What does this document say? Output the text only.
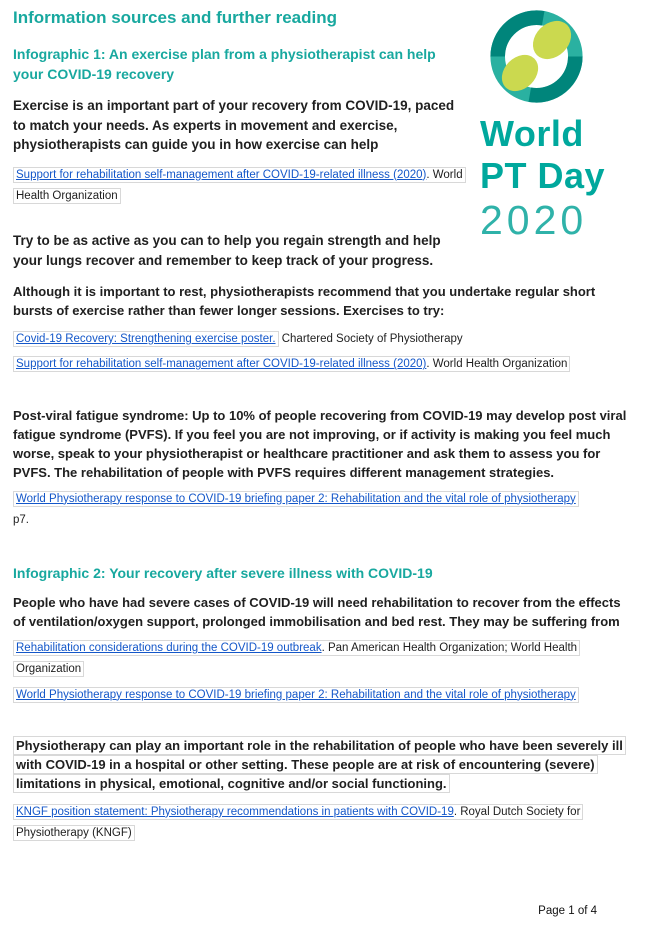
World
PT Day
2020
Information sources and further reading
Infographic 1: An exercise plan from a physiotherapist can help your COVID-19 recovery

Exercise is an important part of your recovery from COVID-19, paced to match your needs. As experts in movement and exercise, physiotherapists can guide you in how exercise can help

Support for rehabilitation self-management after COVID-19-related illness (2020). World Health Organization

Try to be as active as you can to help you regain strength and help your lungs recover and remember to keep track of your progress.

Although it is important to rest, physiotherapists recommend that you undertake regular short bursts of exercise rather than fewer longer sessions. Exercises to try:

Covid-19 Recovery: Strengthening exercise poster. Chartered Society of Physiotherapy

Support for rehabilitation self-management after COVID-19-related illness (2020). World Health Organization

Post-viral fatigue syndrome: Up to 10% of people recovering from COVID-19 may develop post viral fatigue syndrome (PVFS). If you feel you are not improving, or if activity is making you feel much worse, speak to your physiotherapist or healthcare practitioner and ask them to assess you for PVFS. The rehabilitation of people with PVFS requires different management strategies.

World Physiotherapy response to COVID-19 briefing paper 2: Rehabilitation and the vital role of physiotherapy
p7.

Infographic 2: Your recovery after severe illness with COVID-19

People who have had severe cases of COVID-19 will need rehabilitation to recover from the effects of ventilation/oxygen support, prolonged immobilisation and bed rest. They may be suffering from

Rehabilitation considerations during the COVID-19 outbreak. Pan American Health Organization; World Health Organization

World Physiotherapy response to COVID-19 briefing paper 2: Rehabilitation and the vital role of physiotherapy

Physiotherapy can play an important role in the rehabilitation of people who have been severely ill with COVID-19 in a hospital or other setting. These people are at risk of encountering (severe) limitations in physical, emotional, cognitive and/or social functioning.

KNGF position statement: Physiotherapy recommendations in patients with COVID-19. Royal Dutch Society for Physiotherapy (KNGF)

Page 1 of 4
